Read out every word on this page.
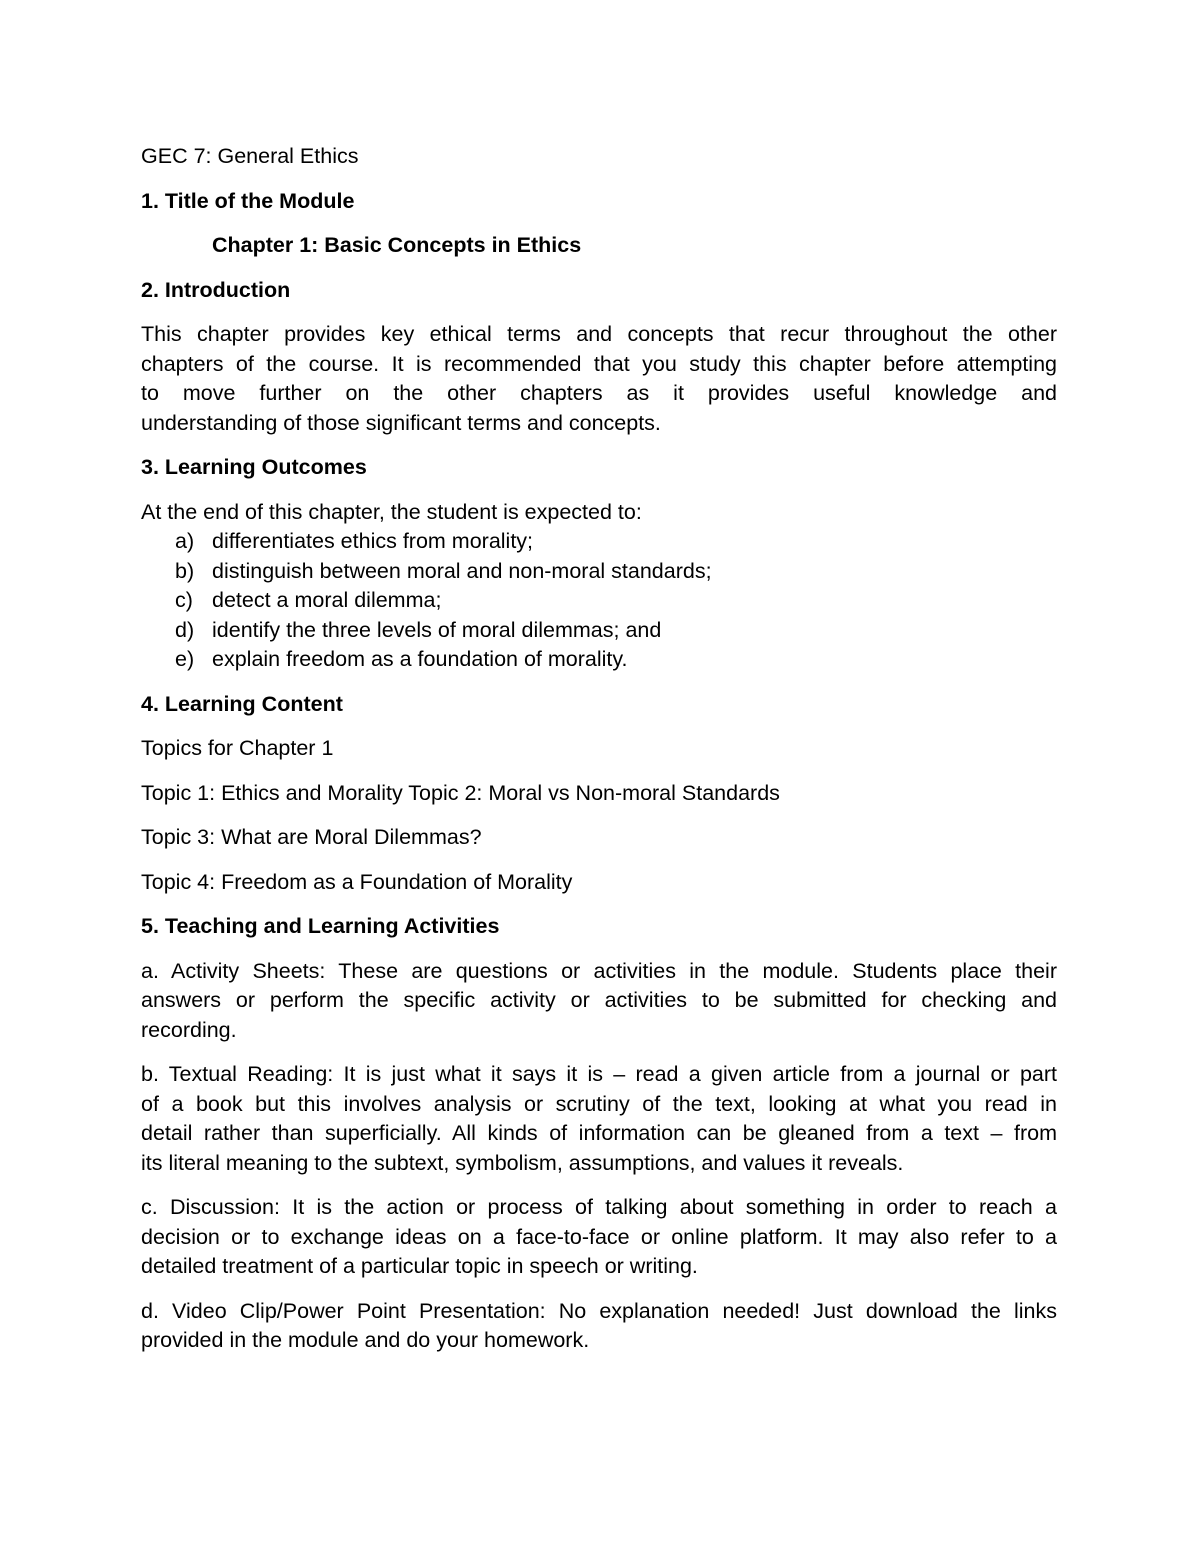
GEC 7: General Ethics

1. Title of the Module

Chapter 1: Basic Concepts in Ethics

2. Introduction

This chapter provides key ethical terms and concepts that recur throughout the other
chapters of the course. It is recommended that you study this chapter before attempting
to move further on the other chapters as it provides useful knowledge and
understanding of those significant terms and concepts.

3. Learning Outcomes

At the end of this chapter, the student is expected to:

a) differentiates ethics from morality;
b) distinguish between moral and non-moral standards;
c) detect a moral dilemma;
d) identify the three levels of moral dilemmas; and
e) explain freedom as a foundation of morality.

4. Learning Content

Topics for Chapter 1

Topic 1: Ethics and Morality Topic 2: Moral vs Non-moral Standards

Topic 3: What are Moral Dilemmas?

Topic 4: Freedom as a Foundation of Morality

5. Teaching and Learning Activities

a. Activity Sheets: These are questions or activities in the module. Students place their
answers or perform the specific activity or activities to be submitted for checking and
recording.
b. Textual Reading: It is just what it says it is – read a given article from a journal or part
of a book but this involves analysis or scrutiny of the text, looking at what you read in
detail rather than superficially. All kinds of information can be gleaned from a text – from
its literal meaning to the subtext, symbolism, assumptions, and values it reveals.
c. Discussion: It is the action or process of talking about something in order to reach a
decision or to exchange ideas on a face-to-face or online platform. It may also refer to a
detailed treatment of a particular topic in speech or writing.
d. Video Clip/Power Point Presentation: No explanation needed! Just download the links
provided in the module and do your homework.
